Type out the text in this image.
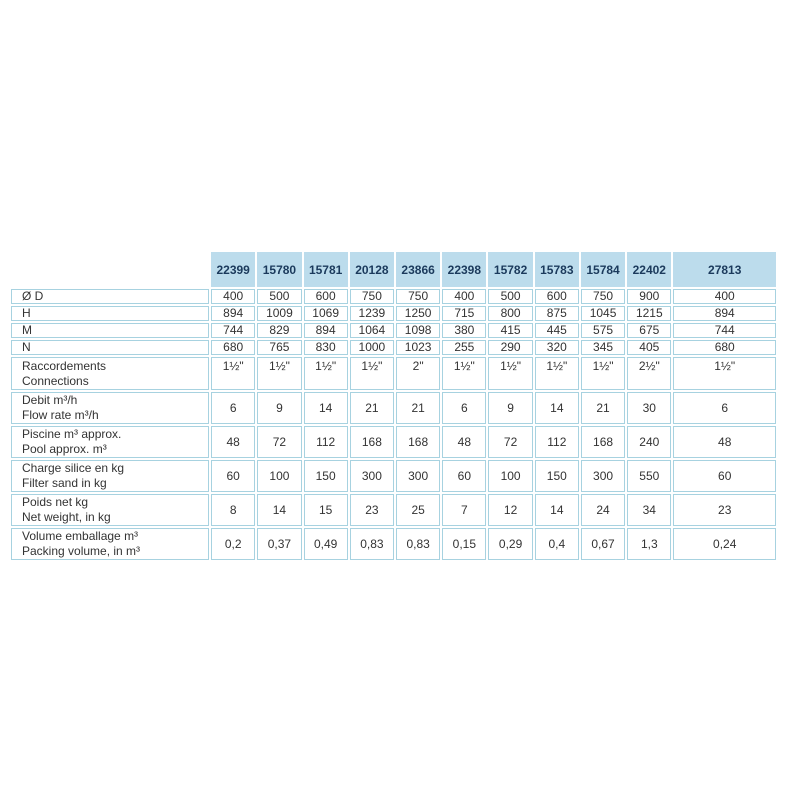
	22399	15780	15781	20128	23866	22398	15782	15783	15784	22402	27813

Ø D	400	500	600	750	750	400	500	600	750	900	400

H	894	1009	1069	1239	1250	715	800	875	1045	1215	894

M	744	829	894	1064	1098	380	415	445	575	675	744

N	680	765	830	1000	1023	255	290	320	345	405	680

Raccordements
Connections	1½"	1½"	1½"	1½"	2"	1½"	1½"	1½"	1½"	2½"	1½"

Debit m³/h
Flow rate m³/h	6	9	14	21	21	6	9	14	21	30	6

Piscine m³ approx.
Pool approx. m³	48	72	112	168	168	48	72	112	168	240	48

Charge silice en kg
Filter sand in kg	60	100	150	300	300	60	100	150	300	550	60

Poids net kg
Net weight, in kg	8	14	15	23	25	7	12	14	24	34	23

Volume emballage m³
Packing volume, in m³	0,2	0,37	0,49	0,83	0,83	0,15	0,29	0,4	0,67	1,3	0,24
